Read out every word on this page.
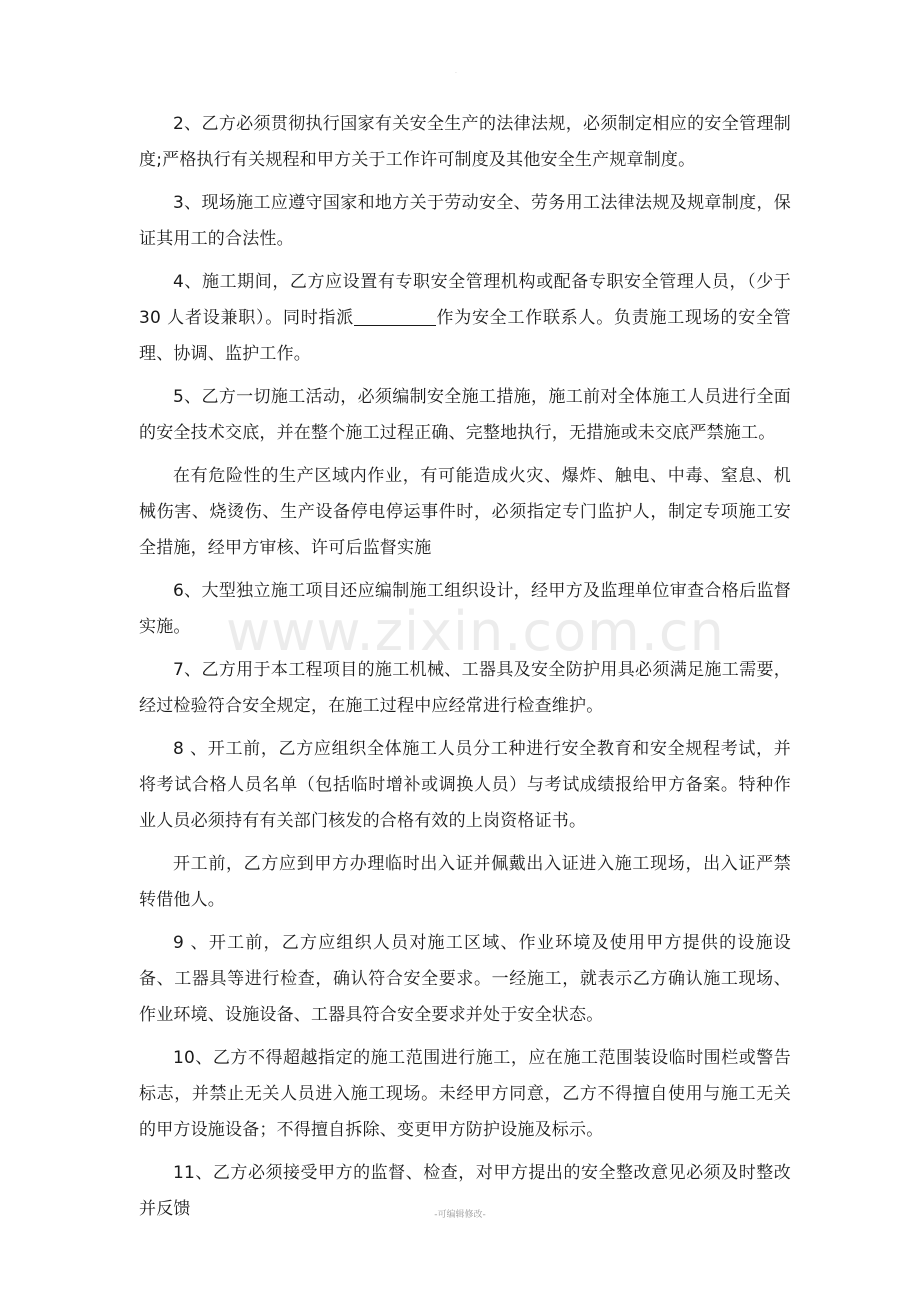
.

2、乙方必须贯彻执行国家有关安全生产的法律法规，必须制定相应的安全管理制度;严格执行有关规程和甲方关于工作许可制度及其他安全生产规章制度。

3、现场施工应遵守国家和地方关于劳动安全、劳务用工法律法规及规章制度，保证其用工的合法性。

4、施工期间，乙方应设置有专职安全管理机构或配备专职安全管理人员，（少于 30 人者设兼职）。同时指派	作为安全工作联系人。负责施工现场的安全管理、协调、监护工作。

5、乙方一切施工活动，必须编制安全施工措施，施工前对全体施工人员进行全面的安全技术交底，并在整个施工过程正确、完整地执行，无措施或未交底严禁施工。

在有危险性的生产区域内作业，有可能造成火灾、爆炸、触电、中毒、窒息、机械伤害、烧烫伤、生产设备停电停运事件时，必须指定专门监护人，制定专项施工安全措施，经甲方审核、许可后监督实施

6、大型独立施工项目还应编制施工组织设计，经甲方及监理单位审查合格后监督实施。

7、乙方用于本工程项目的施工机械、工器具及安全防护用具必须满足施工需要，经过检验符合安全规定，在施工过程中应经常进行检查维护。

8 、开工前，乙方应组织全体施工人员分工种进行安全教育和安全规程考试，并将考试合格人员名单（包括临时增补或调换人员）与考试成绩报给甲方备案。特种作业人员必须持有有关部门核发的合格有效的上岗资格证书。

开工前，乙方应到甲方办理临时出入证并佩戴出入证进入施工现场，出入证严禁转借他人。

9 、开工前，乙方应组织人员对施工区域、作业环境及使用甲方提供的设施设备、工器具等进行检查，确认符合安全要求。一经施工，就表示乙方确认施工现场、作业环境、设施设备、工器具符合安全要求并处于安全状态。

10、乙方不得超越指定的施工范围进行施工，应在施工范围装设临时围栏或警告标志，并禁止无关人员进入施工现场。未经甲方同意，乙方不得擅自使用与施工无关的甲方设施设备；不得擅自拆除、变更甲方防护设施及标示。

11、乙方必须接受甲方的监督、检查，对甲方提出的安全整改意见必须及时整改并反馈

www.zixin.com.cn
-可编辑修改-
